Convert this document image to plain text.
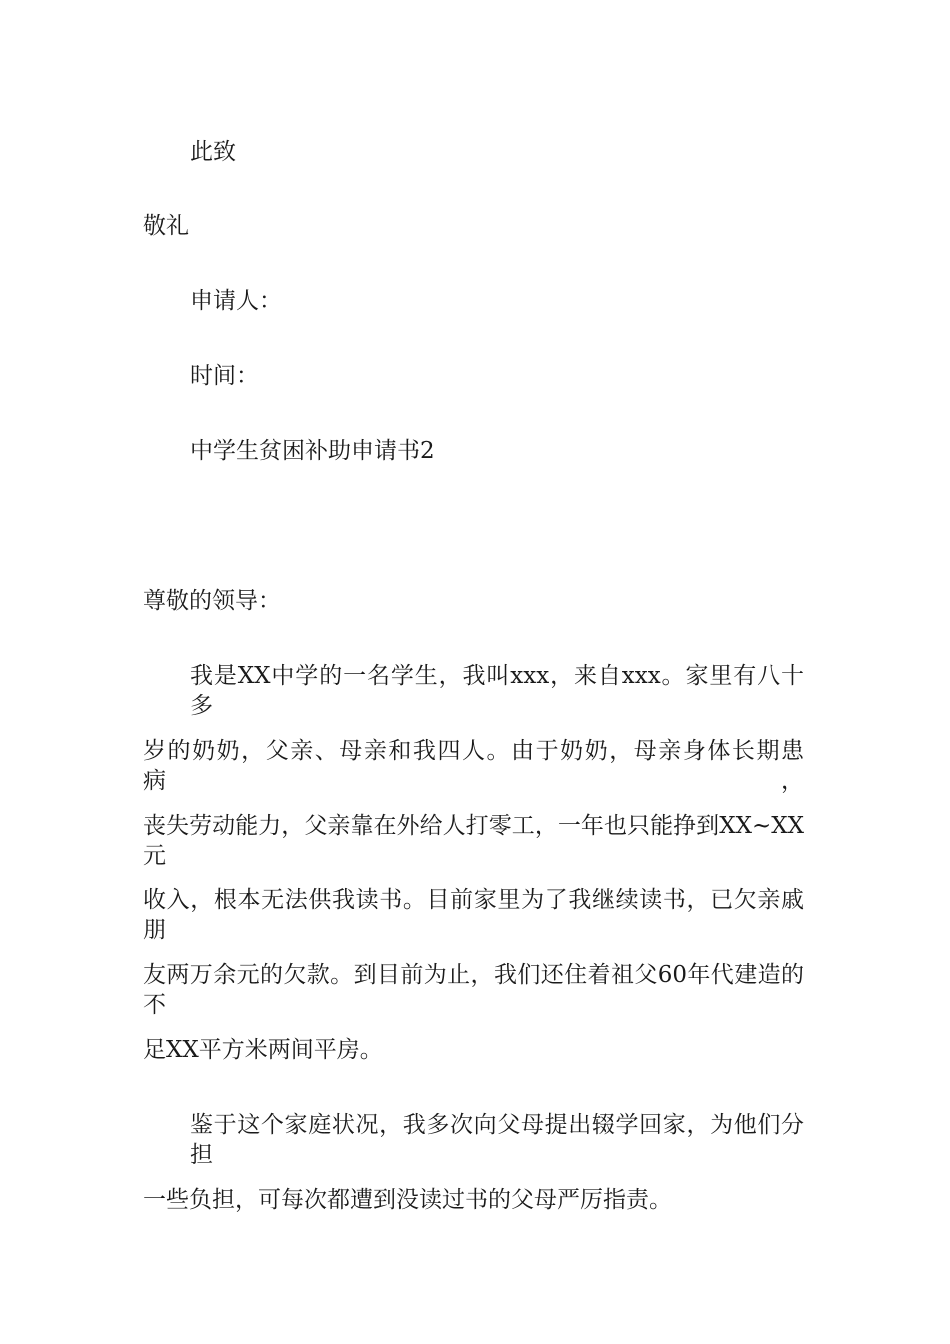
此致
敬礼
申请人：
时间：
中学生贫困补助申请书2
尊敬的领导：
我是XX中学的一名学生，我叫xxx，来自xxx。家里有八十多
岁的奶奶，父亲、母亲和我四人。由于奶奶，母亲身体长期患病，
丧失劳动能力，父亲靠在外给人打零工，一年也只能挣到XX~XX元
收入，根本无法供我读书。目前家里为了我继续读书，已欠亲戚朋
友两万余元的欠款。到目前为止，我们还住着祖父60年代建造的不
足XX平方米两间平房。
鉴于这个家庭状况，我多次向父母提出辍学回家，为他们分担
一些负担，可每次都遭到没读过书的父母严厉指责。
